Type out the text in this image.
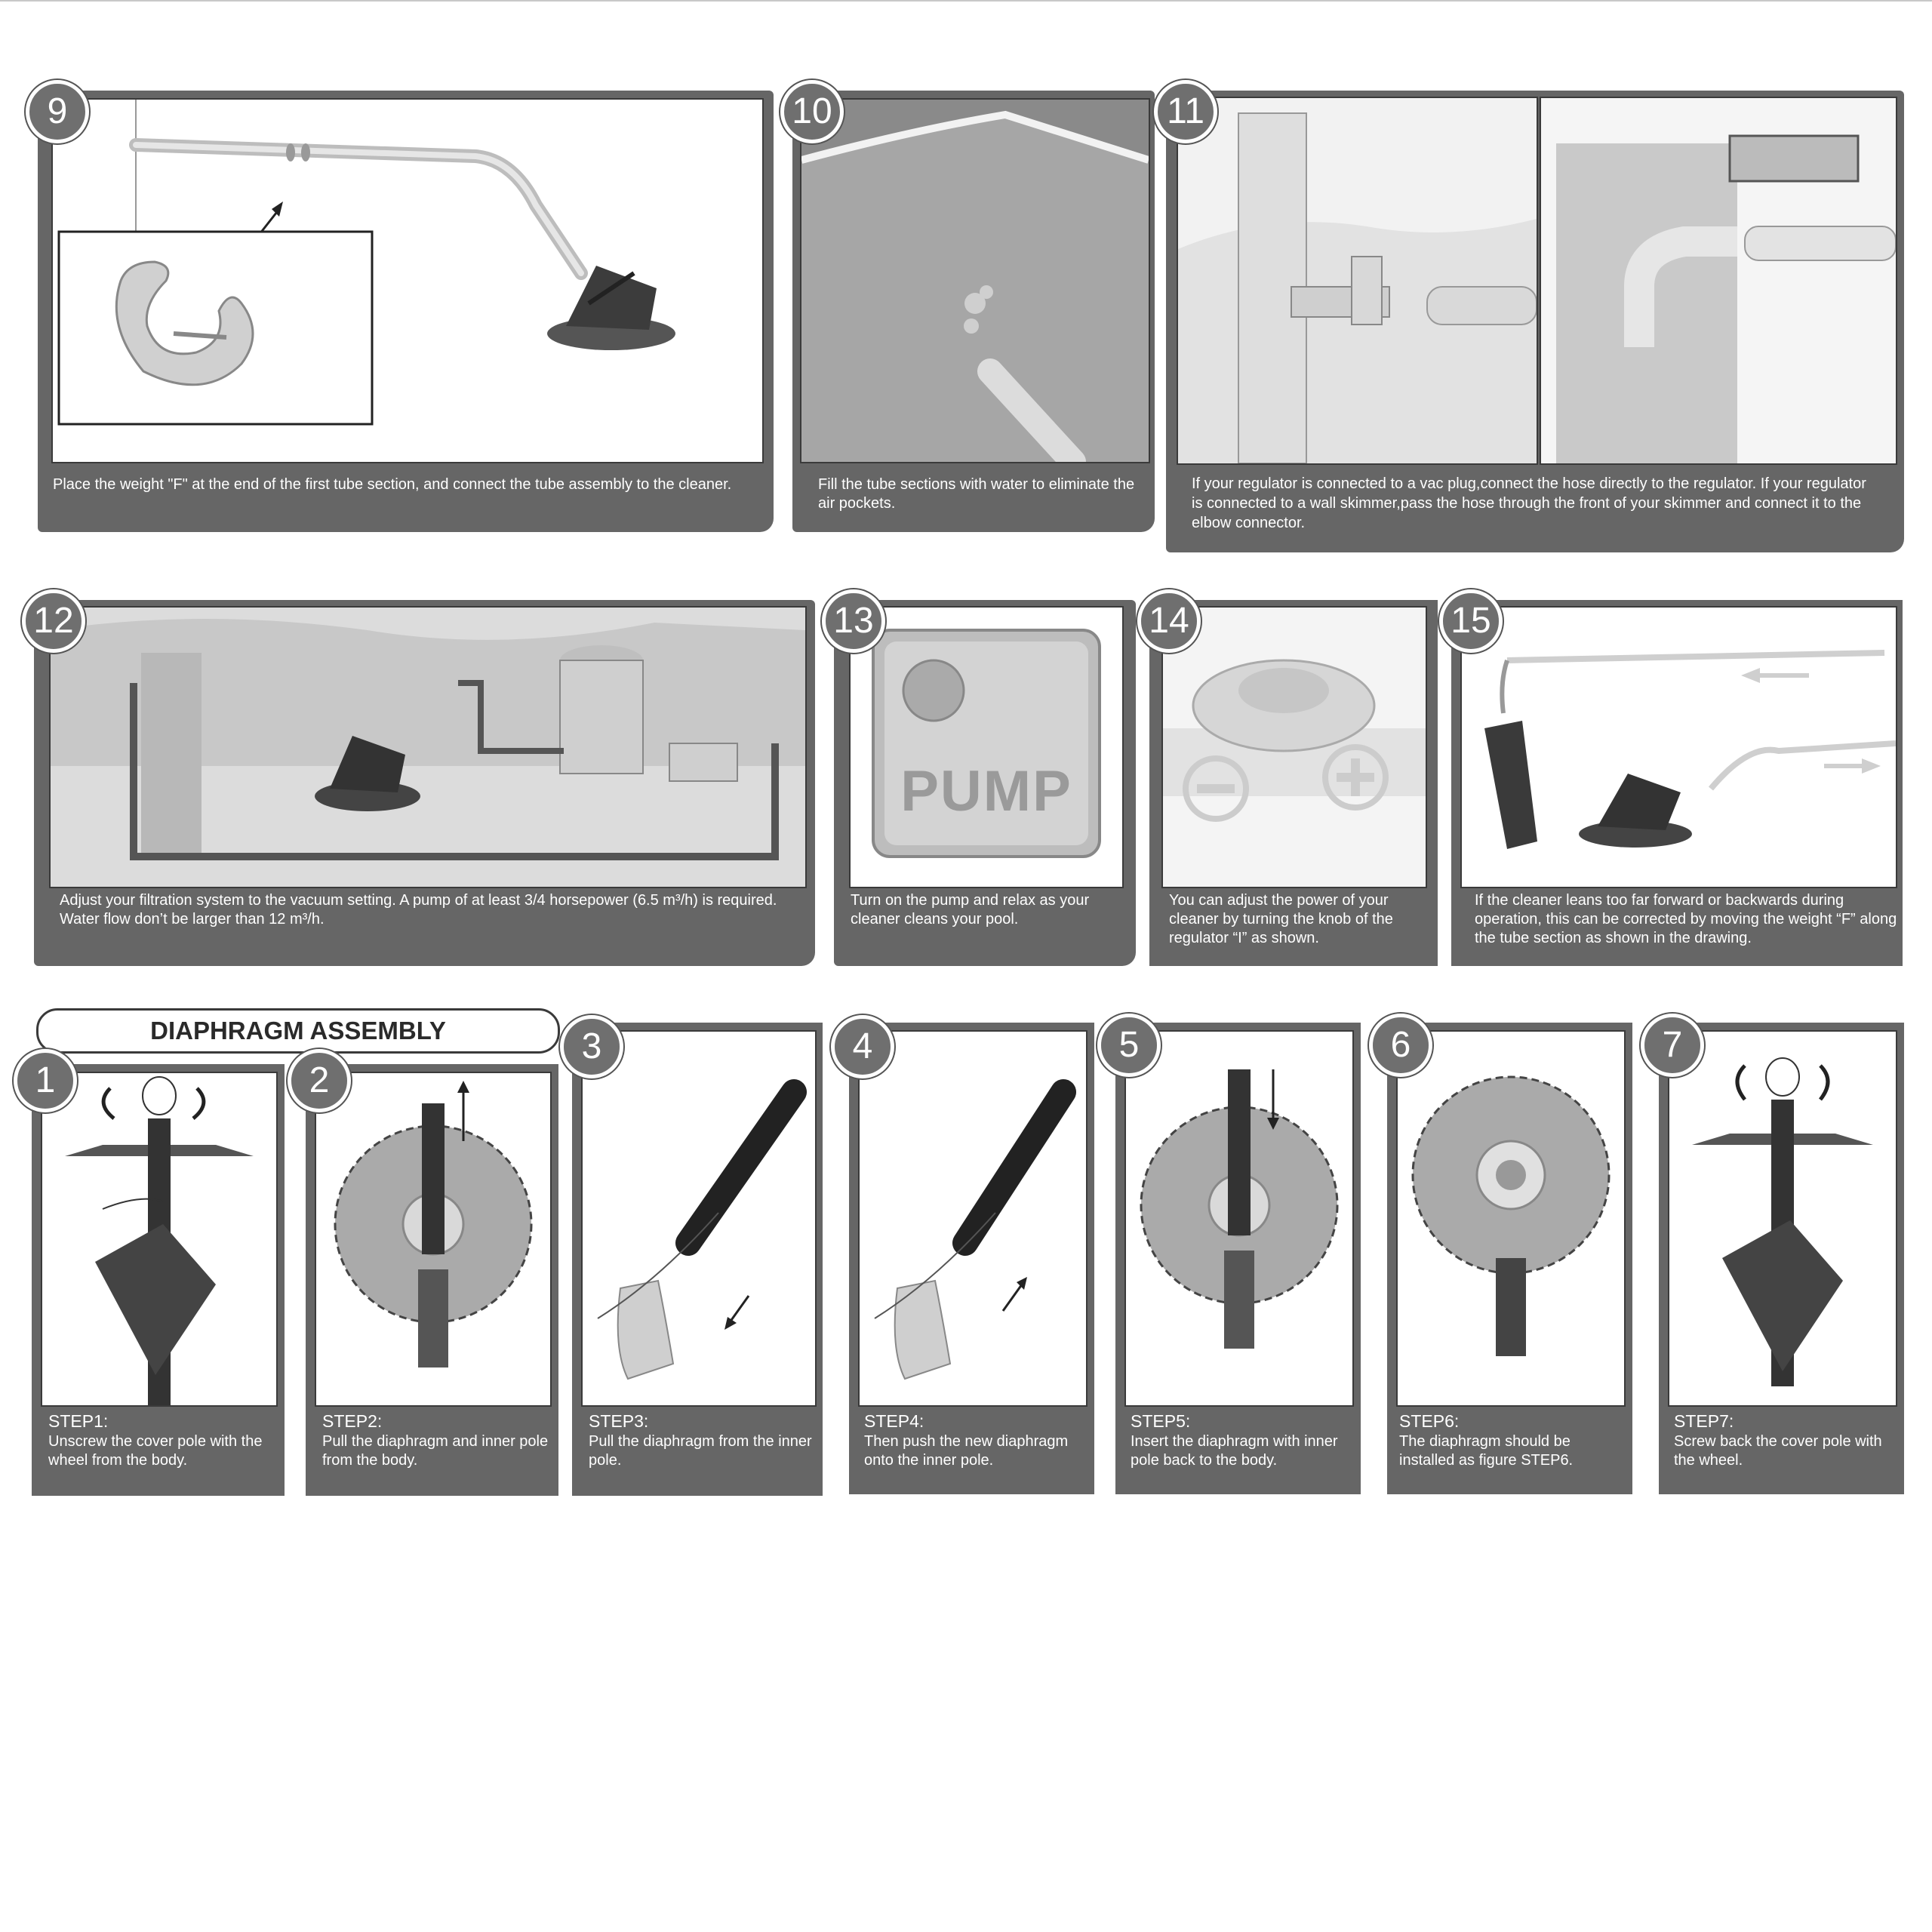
9
Place the weight "F" at the end of the first tube section, and connect the tube assembly to the cleaner.
10
Fill the tube sections with water to eliminate the air pockets.
11
If your regulator is connected to a vac plug,connect the hose directly to the regulator. If your regulator is connected to a wall skimmer,pass the hose through the front of your skimmer and connect it to the elbow connector.
12
Adjust your filtration system to the vacuum setting. A pump of at least 3/4 horsepower (6.5 m³/h) is required. Water flow don’t be larger than 12 m³/h.
PUMP
13
Turn on the pump and relax as your cleaner cleans your pool.
14
You can adjust the power of your cleaner by turning the knob of the regulator “I” as shown.
15
If the cleaner leans too far forward or backwards during operation, this can be corrected by moving the weight “F” along the tube section as shown in the drawing.
DIAPHRAGM ASSEMBLY
1
STEP1:
Unscrew the cover pole with the wheel from the body.
2
STEP2:
Pull the diaphragm and inner pole from the body.
3
STEP3:
Pull the diaphragm from the inner pole.
4
STEP4:
Then push the new diaphragm onto the inner pole.
5
STEP5:
Insert the diaphragm with inner pole back to the body.
6
STEP6:
The diaphragm should be installed as figure STEP6.
7
STEP7:
Screw back the cover pole with the wheel.
